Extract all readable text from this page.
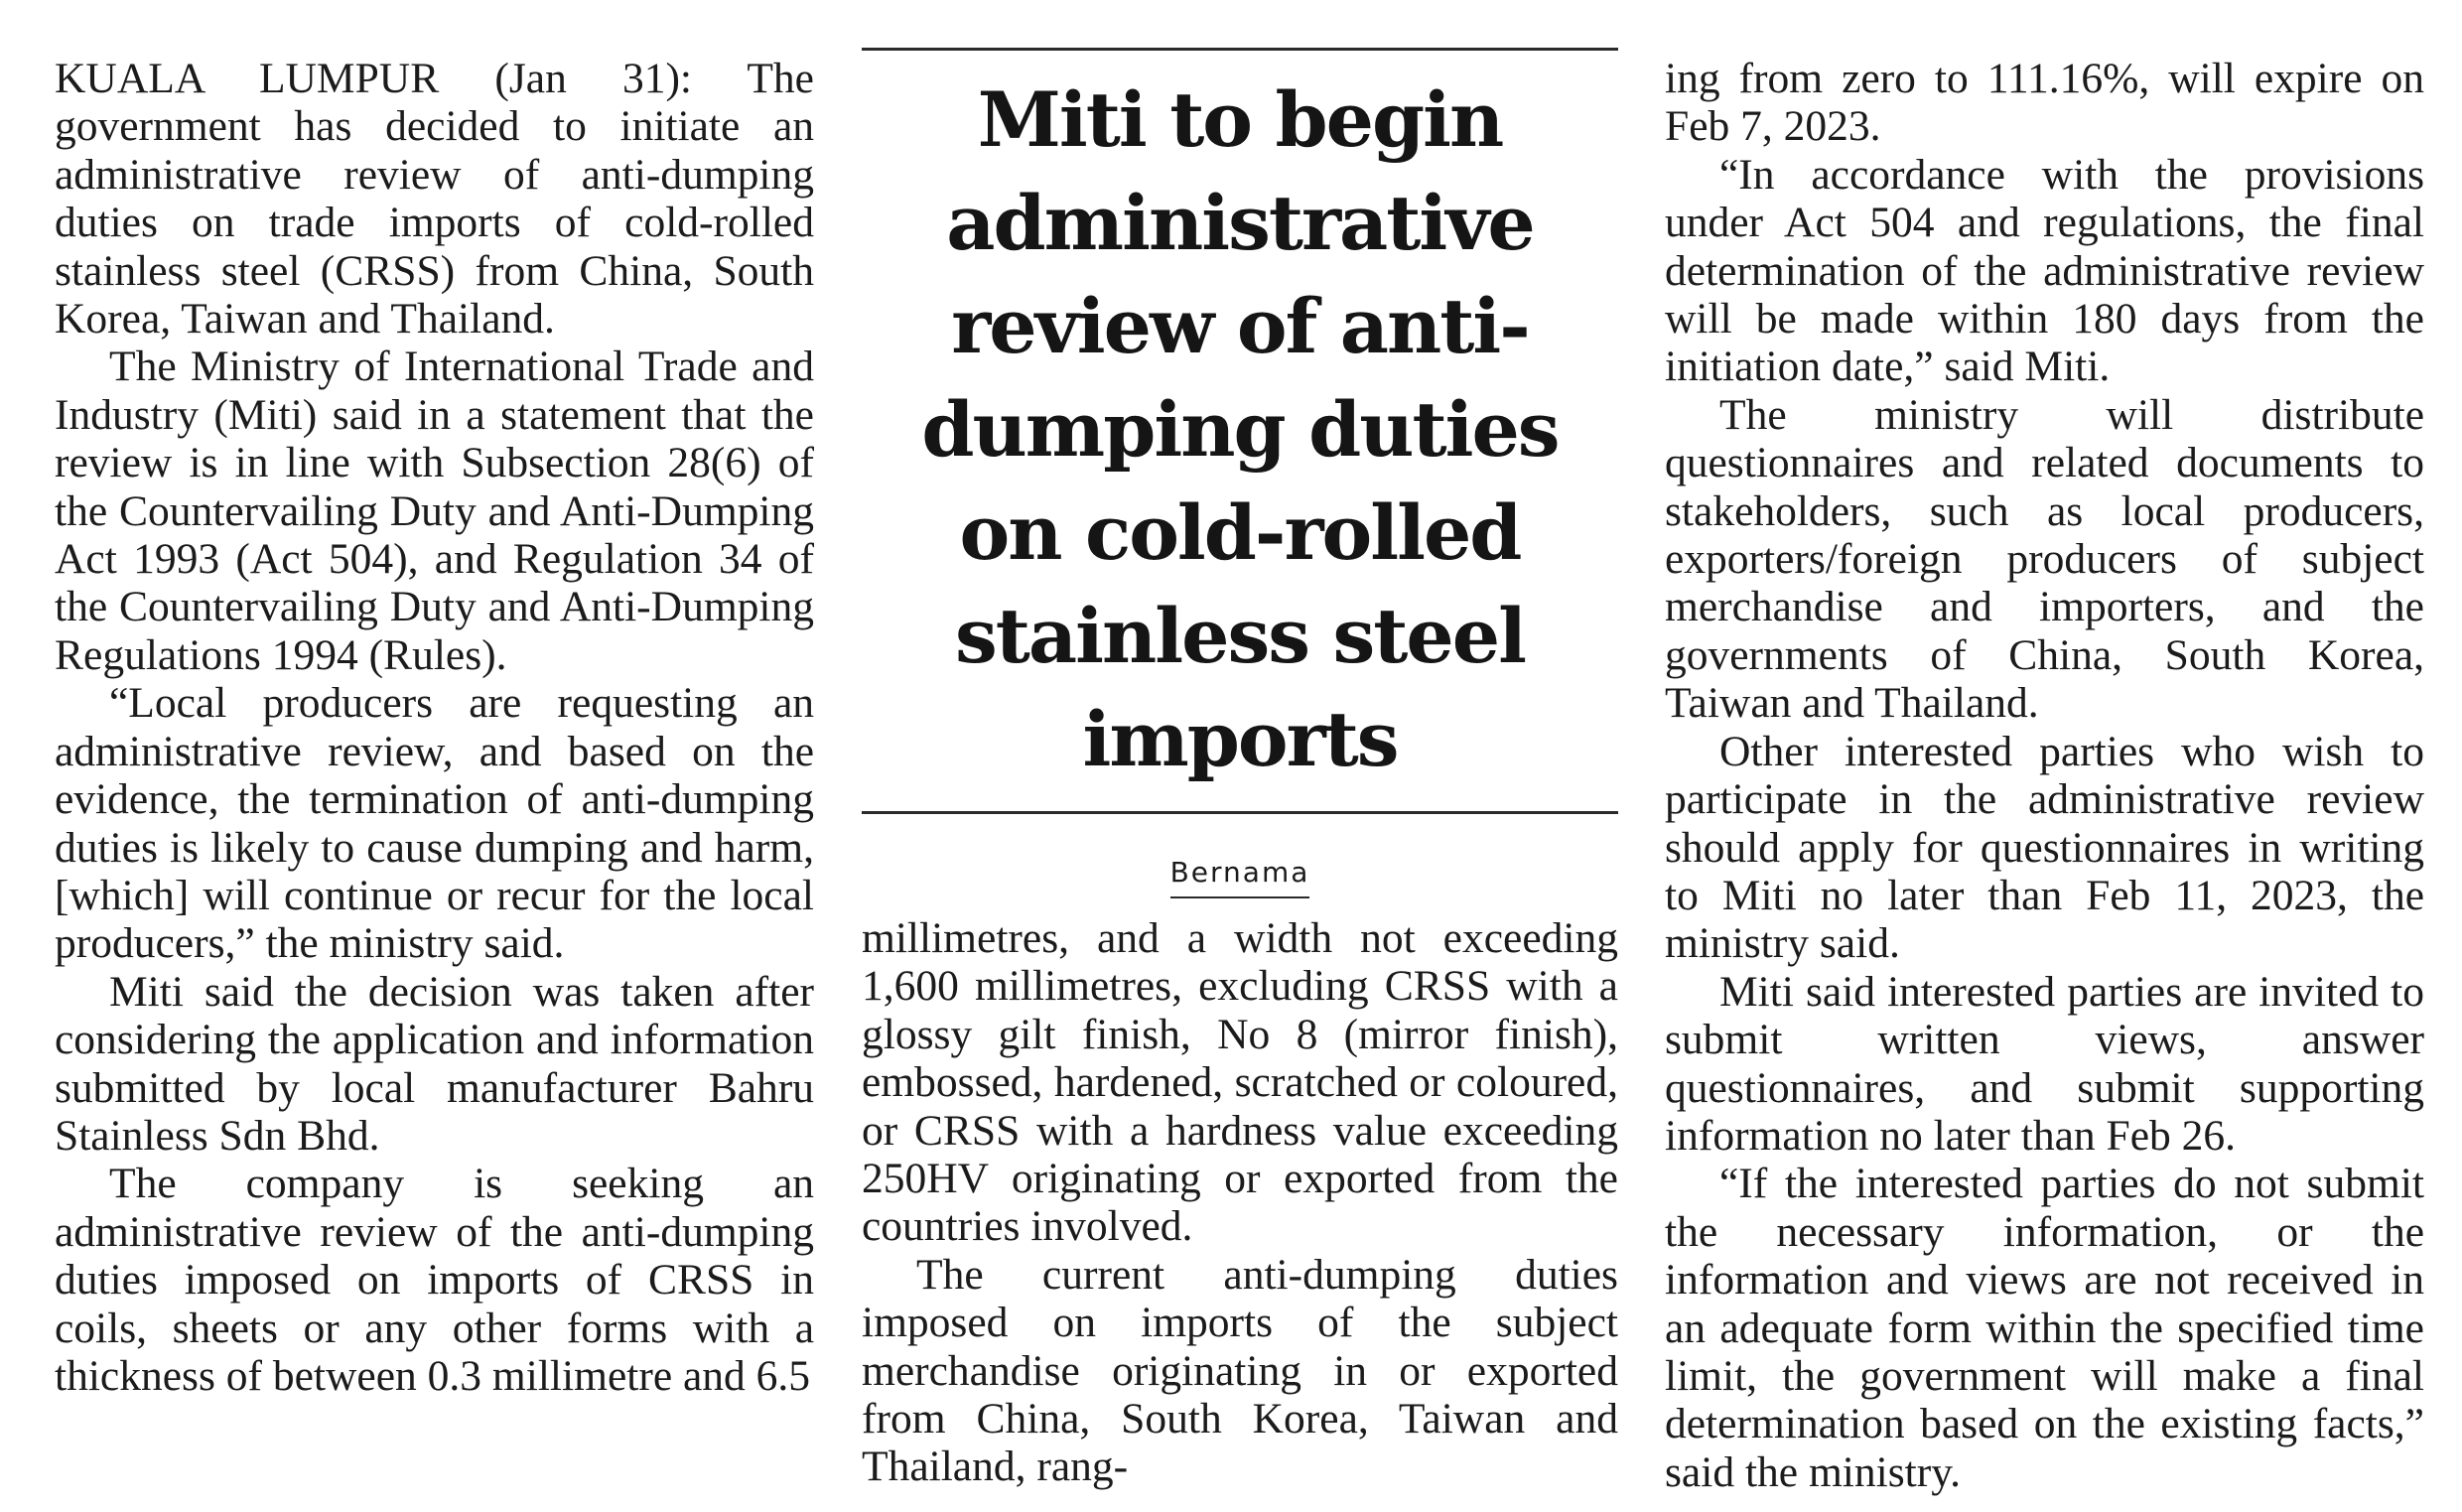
KUALA LUMPUR (Jan 31): The government has decided to initiate an administrative review of anti-dumping duties on trade imports of cold-rolled stainless steel (CRSS) from China, South Korea, Taiwan and Thailand.

The Ministry of International Trade and Industry (Miti) said in a statement that the review is in line with Subsection 28(6) of the Countervailing Duty and Anti-Dumping Act 1993 (Act 504), and Regulation 34 of the Countervailing Duty and Anti-Dumping Regulations 1994 (Rules).

“Local producers are requesting an administrative review, and based on the evidence, the termination of anti-dumping duties is likely to cause dumping and harm, [which] will continue or recur for the local producers,” the ministry said.

Miti said the decision was taken after considering the application and information submitted by local manufacturer Bahru Stainless Sdn Bhd.

The company is seeking an administrative review of the anti-dumping duties imposed on imports of CRSS in coils, sheets or any other forms with a thickness of between 0.3 millimetre and 6.5

Miti to begin administrative review of anti-dumping duties on cold-rolled stainless steel imports
Bernama

millimetres, and a width not exceeding 1,600 millimetres, excluding CRSS with a glossy gilt finish, No 8 (mirror finish), embossed, hardened, scratched or coloured, or CRSS with a hardness value exceeding 250HV originating or exported from the countries involved.

The current anti-dumping duties imposed on imports of the subject merchandise originating in or exported from China, South Korea, Taiwan and Thailand, rang-

ing from zero to 111.16%, will expire on Feb 7, 2023.

“In accordance with the provisions under Act 504 and regulations, the final determination of the administrative review will be made within 180 days from the initiation date,” said Miti.

The ministry will distribute questionnaires and related documents to stakeholders, such as local producers, exporters/foreign producers of subject merchandise and importers, and the governments of China, South Korea, Taiwan and Thailand.

Other interested parties who wish to participate in the administrative review should apply for questionnaires in writing to Miti no later than Feb 11, 2023, the ministry said.

Miti said interested parties are invited to submit written views, answer questionnaires, and submit supporting information no later than Feb 26.

“If the interested parties do not submit the necessary information, or the information and views are not received in an adequate form within the specified time limit, the government will make a final determination based on the existing facts,” said the ministry.
